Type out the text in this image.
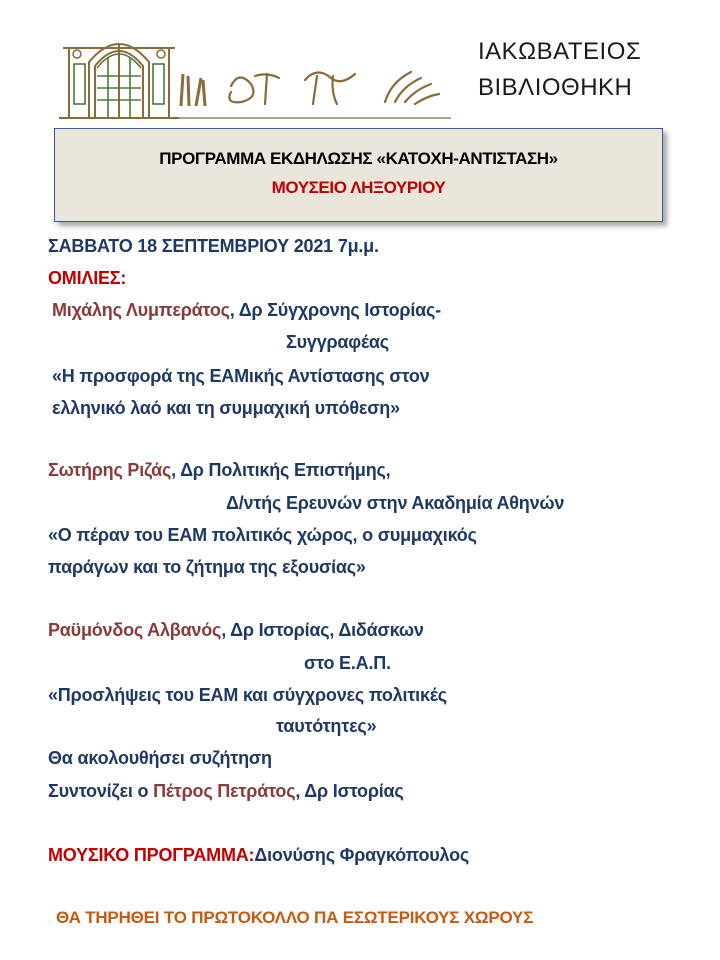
ΙΑΚΩΒΑΤΕΙΟΣ
ΒΙΒΛΙΟΘΗΚΗ
ΠΡΟΓΡΑΜΜΑ ΕΚΔΗΛΩΣΗΣ «ΚΑΤΟΧΗ-ΑΝΤΙΣΤΑΣΗ»
ΜΟΥΣΕΙΟ ΛΗΞΟΥΡΙΟΥ
ΣΑΒΒΑΤΟ 18 ΣΕΠΤΕΜΒΡΙΟΥ 2021 7μ.μ.
ΟΜΙΛΙΕΣ:
Μιχάλης Λυμπεράτος, Δρ Σύγχρονης Ιστορίας-
Συγγραφέας
«Η προσφορά της ΕΑΜικής Αντίστασης στον
ελληνικό λαό και τη συμμαχική υπόθεση»
Σωτήρης Ριζάς, Δρ Πολιτικής Επιστήμης,
Δ/ντής Ερευνών στην Ακαδημία Αθηνών
«Ο πέραν του ΕΑΜ πολιτικός χώρος, ο συμμαχικός
παράγων και το ζήτημα της εξουσίας»
Ραϋμόνδος Αλβανός, Δρ Ιστορίας, Διδάσκων
στο Ε.Α.Π.
«Προσλήψεις του ΕΑΜ και σύγχρονες πολιτικές
ταυτότητες»
Θα ακολουθήσει συζήτηση
Συντονίζει ο Πέτρος Πετράτος, Δρ Ιστορίας
ΜΟΥΣΙΚΟ ΠΡΟΓΡΑΜΜΑ:Διονύσης Φραγκόπουλος
ΘΑ ΤΗΡΗΘΕΙ ΤΟ ΠΡΩΤΟΚΟΛΛΟ ΠΑ ΕΣΩΤΕΡΙΚΟΥΣ ΧΩΡΟΥΣ
